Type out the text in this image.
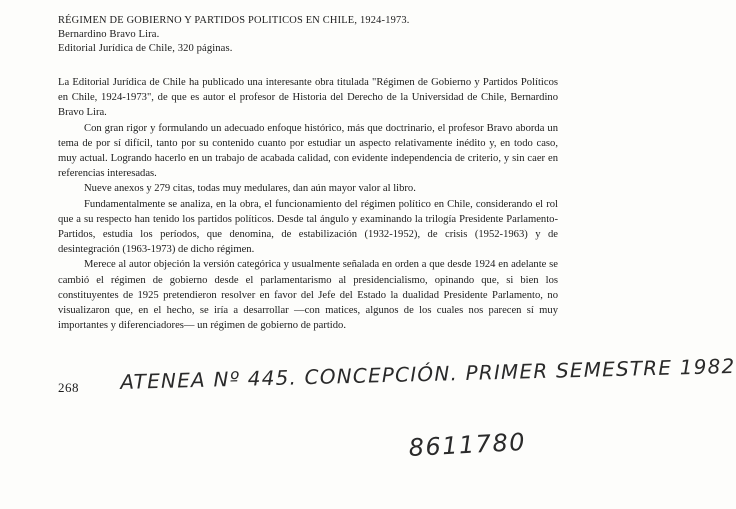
RÉGIMEN DE GOBIERNO Y PARTIDOS POLITICOS EN CHILE, 1924-1973.
Bernardino Bravo Lira.
Editorial Jurídica de Chile, 320 páginas.

La Editorial Jurídica de Chile ha publicado una interesante obra titulada "Régimen de Gobierno y Partidos Políticos en Chile, 1924-1973", de que es autor el profesor de Historia del Derecho de la Universidad de Chile, Bernardino Bravo Lira.

Con gran rigor y formulando un adecuado enfoque histórico, más que doctrinario, el profesor Bravo aborda un tema de por sí difícil, tanto por su contenido cuanto por estudiar un aspecto relativamente inédito y, en todo caso, muy actual. Logrando hacerlo en un trabajo de acabada calidad, con evidente independencia de criterio, y sin caer en referencias interesadas.

Nueve anexos y 279 citas, todas muy medulares, dan aún mayor valor al libro.

Fundamentalmente se analiza, en la obra, el funcionamiento del régimen político en Chile, considerando el rol que a su respecto han tenido los partidos políticos. Desde tal ángulo y examinando la trilogía Presidente Parlamento-Partidos, estudia los períodos, que denomina, de estabilización (1932-1952), de crisis (1952-1963) y de desintegración (1963-1973) de dicho régimen.

Merece al autor objeción la versión categórica y usualmente señalada en orden a que desde 1924 en adelante se cambió el régimen de gobierno desde el parlamentarismo al presidencialismo, opinando que, si bien los constituyentes de 1925 pretendieron resolver en favor del Jefe del Estado la dualidad Presidente Parlamento, no visualizaron que, en el hecho, se iría a desarrollar —con matices, algunos de los cuales nos parecen sí muy importantes y diferenciadores— un régimen de gobierno de partido.

268 ATENEA Nº 445. CONCEPCIÓN. PRIMER SEMESTRE 1982
8611780
